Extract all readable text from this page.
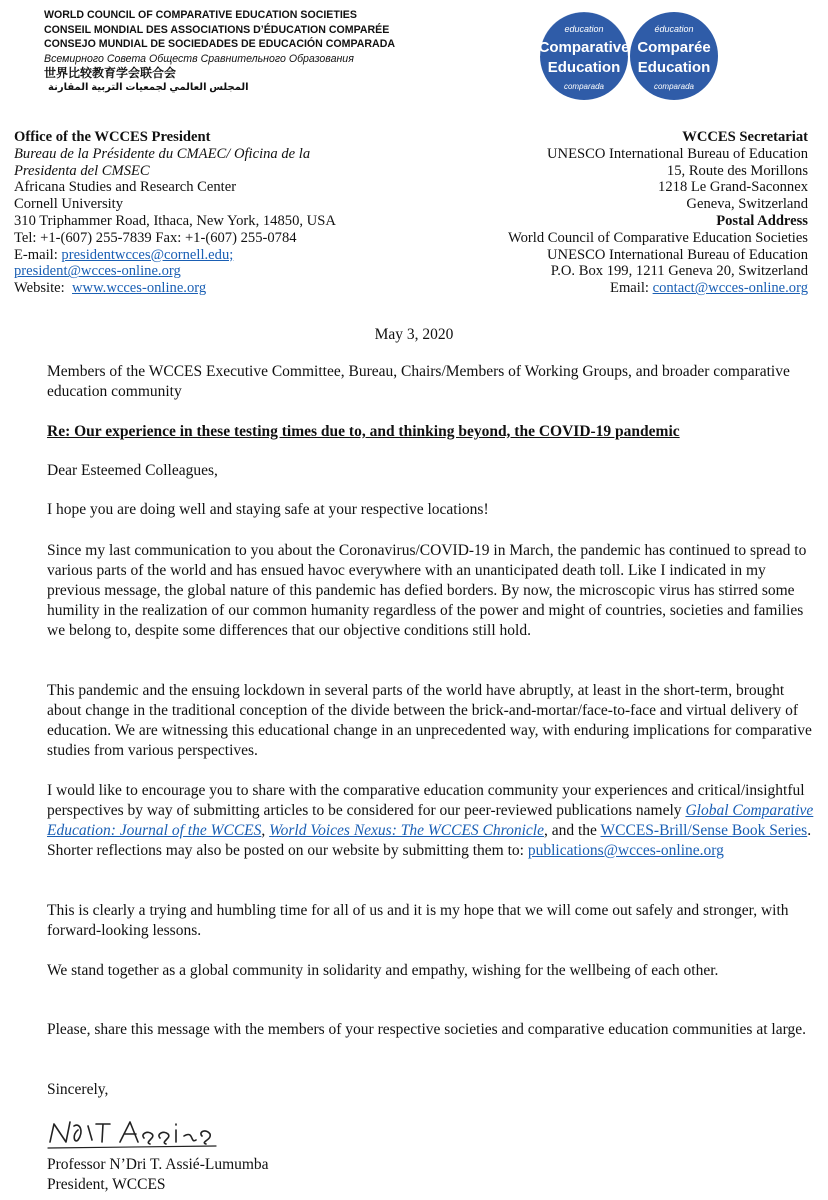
WORLD COUNCIL OF COMPARATIVE EDUCATION SOCIETIES
CONSEIL MONDIAL DES ASSOCIATIONS D’ÉDUCATION COMPARÉE
CONSEJO MUNDIAL DE SOCIEDADES DE EDUCACIÓN COMPARADA
Всемирного Совета Обществ Сравнительного Образования
世界比较教育学会联合会
المجلس العالمي لجمعيات التربية المقارنة
education
Comparative
Education
comparada
éducation
Comparée
Education
comparada
Office of the WCCES President
Bureau de la Présidente du CMAEC/ Oficina de la
Presidenta del CMSEC
Africana Studies and Research Center
Cornell University
310 Triphammer Road, Ithaca, New York, 14850, USA
Tel: +1-(607) 255-7839 Fax: +1-(607) 255-0784
E-mail: presidentwcces@cornell.edu;
president@wcces-online.org
Website:  www.wcces-online.org
WCCES Secretariat
UNESCO International Bureau of Education
15, Route des Morillons
1218 Le Grand-Saconnex
Geneva, Switzerland
Postal Address
World Council of Comparative Education Societies
UNESCO International Bureau of Education
P.O. Box 199, 1211 Geneva 20, Switzerland
Email: contact@wcces-online.org
May 3, 2020
Members of the WCCES Executive Committee, Bureau, Chairs/Members of Working Groups, and broader comparative education community
Re: Our experience in these testing times due to, and thinking beyond, the COVID-19 pandemic
Dear Esteemed Colleagues,
I hope you are doing well and staying safe at your respective locations!
Since my last communication to you about the Coronavirus/COVID-19 in March, the pandemic has continued to spread to various parts of the world and has ensued havoc everywhere with an unanticipated death toll. Like I indicated in my previous message, the global nature of this pandemic has defied borders. By now, the microscopic virus has stirred some humility in the realization of our common humanity regardless of the power and might of countries, societies and families we belong to, despite some differences that our objective conditions still hold.
This pandemic and the ensuing lockdown in several parts of the world have abruptly, at least in the short-term, brought about change in the traditional conception of the divide between the brick-and-mortar/face-to-face and virtual delivery of education. We are witnessing this educational change in an unprecedented way, with enduring implications for comparative studies from various perspectives.
I would like to encourage you to share with the comparative education community your experiences and critical/insightful perspectives by way of submitting articles to be considered for our peer-reviewed publications namely Global Comparative Education: Journal of the WCCES, World Voices Nexus: The WCCES Chronicle, and the WCCES-Brill/Sense Book Series. Shorter reflections may also be posted on our website by submitting them to: publications@wcces-online.org
This is clearly a trying and humbling time for all of us and it is my hope that we will come out safely and stronger, with forward-looking lessons.
We stand together as a global community in solidarity and empathy, wishing for the wellbeing of each other.
Please, share this message with the members of your respective societies and comparative education communities at large.
Sincerely,
Professor N’Dri T. Assié-Lumumba
President, WCCES
